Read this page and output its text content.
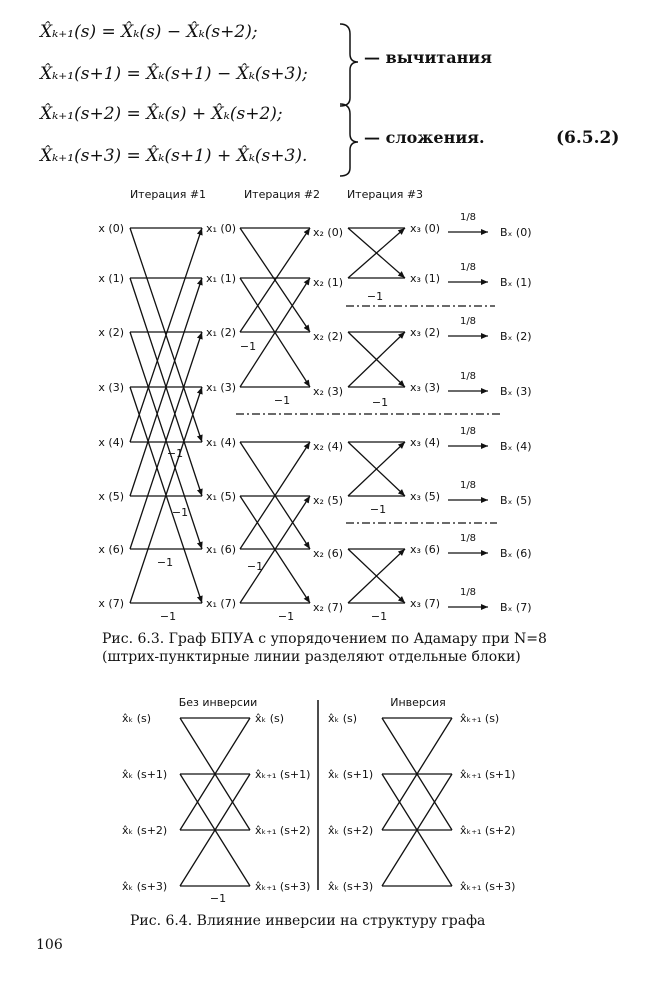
X̂ₖ₊₁(s) = X̂ₖ(s) − X̂ₖ(s+2);
X̂ₖ₊₁(s+1) = X̂ₖ(s+1) − X̂ₖ(s+3);
X̂ₖ₊₁(s+2) = X̂ₖ(s) + X̂ₖ(s+2);
X̂ₖ₊₁(s+3) = X̂ₖ(s+1) + X̂ₖ(s+3).
— вычитания
— сложения.	(6.5.2)
Итерация #1	Итерация #2 Итерация #3
x (0)	x₁ (0)	x₂ (0)	x₃ (0)
1/8
Bₓ (0)
x (1)	x₁ (1)	x₂ (1)	x₃ (1)
1/8
Bₓ (1)
x (2)	x₁ (2)	x₂ (2)	x₃ (2)
1/8
Bₓ (2)
x (3)	x₁ (3)	x₂ (3)	x₃ (3)
1/8
Bₓ (3)
x (4)	x₁ (4)	x₂ (4)	x₃ (4)
1/8
Bₓ (4)
x (5)	x₁ (5)	x₂ (5)	x₃ (5)
1/8
Bₓ (5)
x (6)	x₁ (6)	x₂ (6)	x₃ (6)
1/8
Bₓ (6)
x (7)	x₁ (7)	x₂ (7)	x₃ (7)
1/8
Bₓ (7)
−1
−1
−1
−1
−1
−1
−1
−1
−1
−1
−1
−1
Рис. 6.3. Граф БПУА с упорядочением по Адамару при N=8
(штрих-пунктирные линии разделяют отдельные блоки)
Без инверсии	Инверсия
x̂ₖ (s)	x̂ₖ (s)	x̂ₖ (s)	x̂ₖ₊₁ (s)
x̂ₖ (s+1)	x̂ₖ₊₁ (s+1) x̂ₖ (s+1)	x̂ₖ₊₁ (s+1)
x̂ₖ (s+2)	x̂ₖ₊₁ (s+2) x̂ₖ (s+2)	x̂ₖ₊₁ (s+2)
x̂ₖ (s+3)	x̂ₖ₊₁ (s+3) x̂ₖ (s+3)	x̂ₖ₊₁ (s+3)
−1
Рис. 6.4. Влияние инверсии на структуру графа
106
